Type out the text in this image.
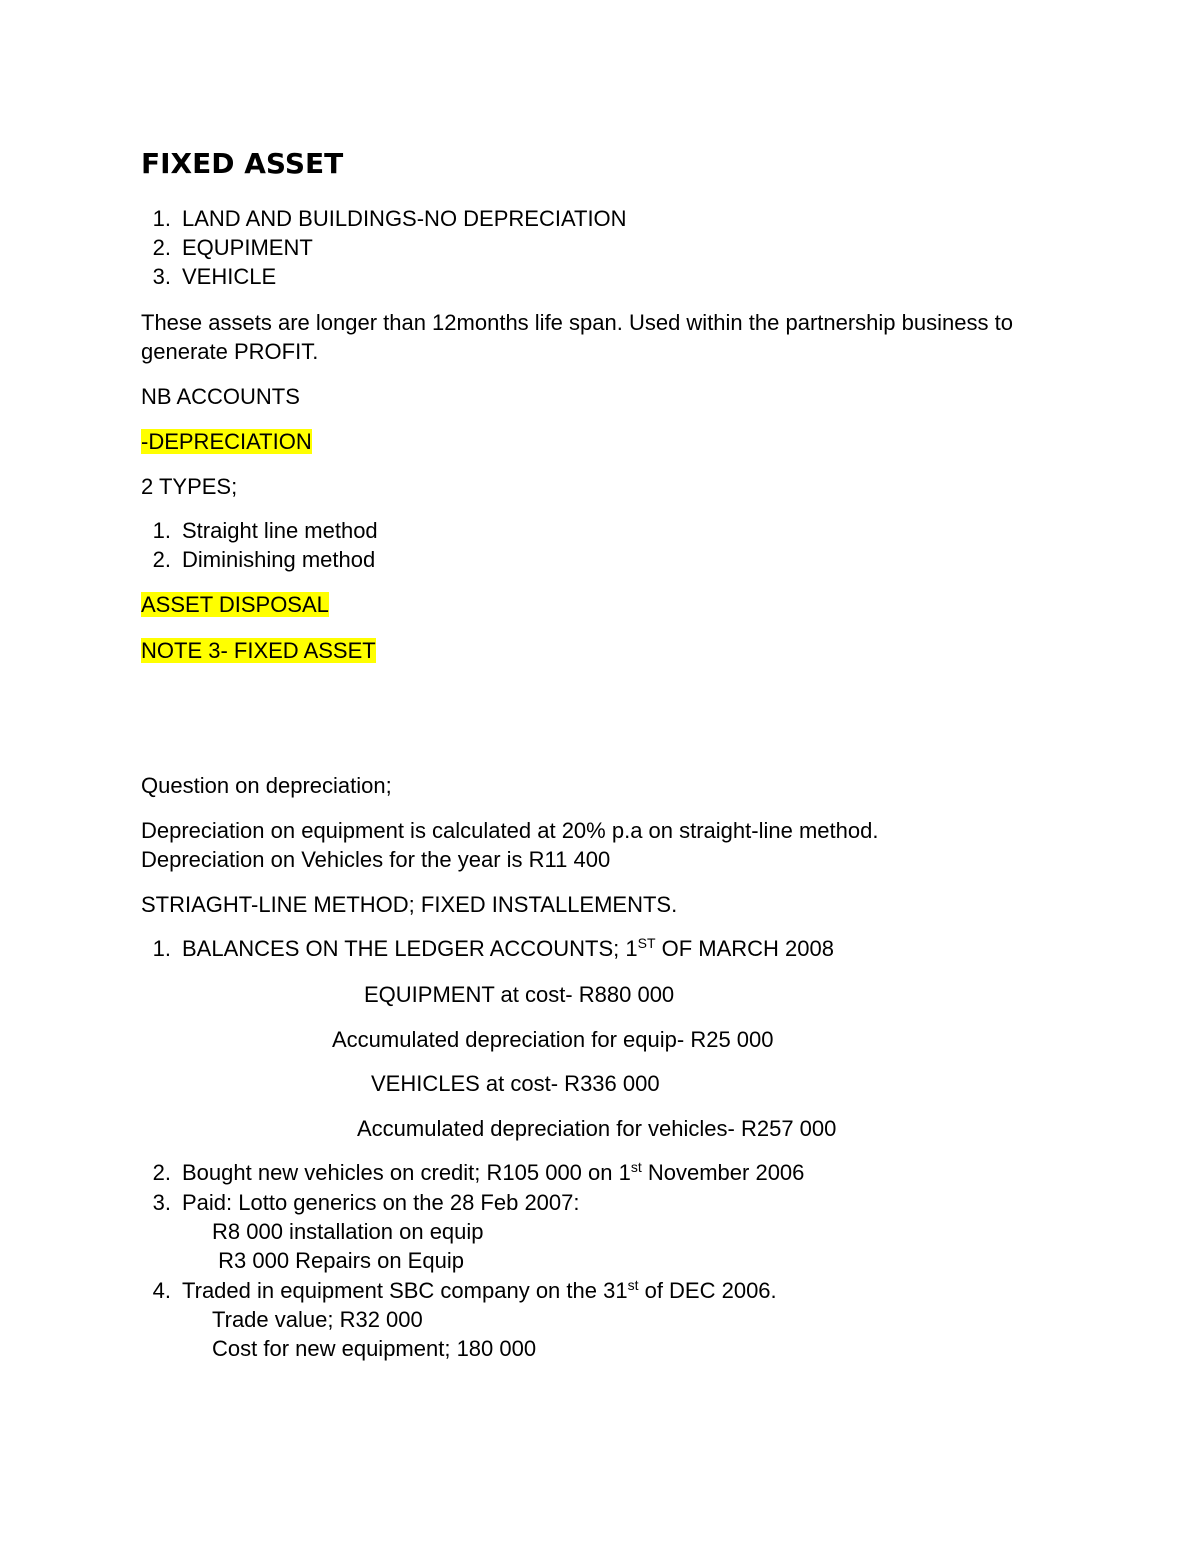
FIXED ASSET
1. LAND AND BUILDINGS-NO DEPRECIATION
2. EQUPIMENT
3. VEHICLE
These assets are longer than 12months life span. Used within the partnership business to generate PROFIT.
NB ACCOUNTS
-DEPRECIATION
2 TYPES;
1. Straight line method
2. Diminishing method
ASSET DISPOSAL
NOTE 3- FIXED ASSET
Question on depreciation;
Depreciation on equipment is calculated at 20% p.a on straight-line method.
Depreciation on Vehicles for the year is R11 400
STRIAGHT-LINE METHOD; FIXED INSTALLEMENTS.
1. BALANCES ON THE LEDGER ACCOUNTS; 1ST OF MARCH 2008
EQUIPMENT at cost- R880 000
Accumulated depreciation for equip- R25 000
VEHICLES at cost- R336 000
Accumulated depreciation for vehicles- R257 000
2. Bought new vehicles on credit; R105 000 on 1st November 2006
3. Paid: Lotto generics on the 28 Feb 2007:
R8 000 installation on equip
R3 000 Repairs on Equip
4. Traded in equipment SBC company on the 31st of DEC 2006.
Trade value; R32 000
Cost for new equipment; 180 000
